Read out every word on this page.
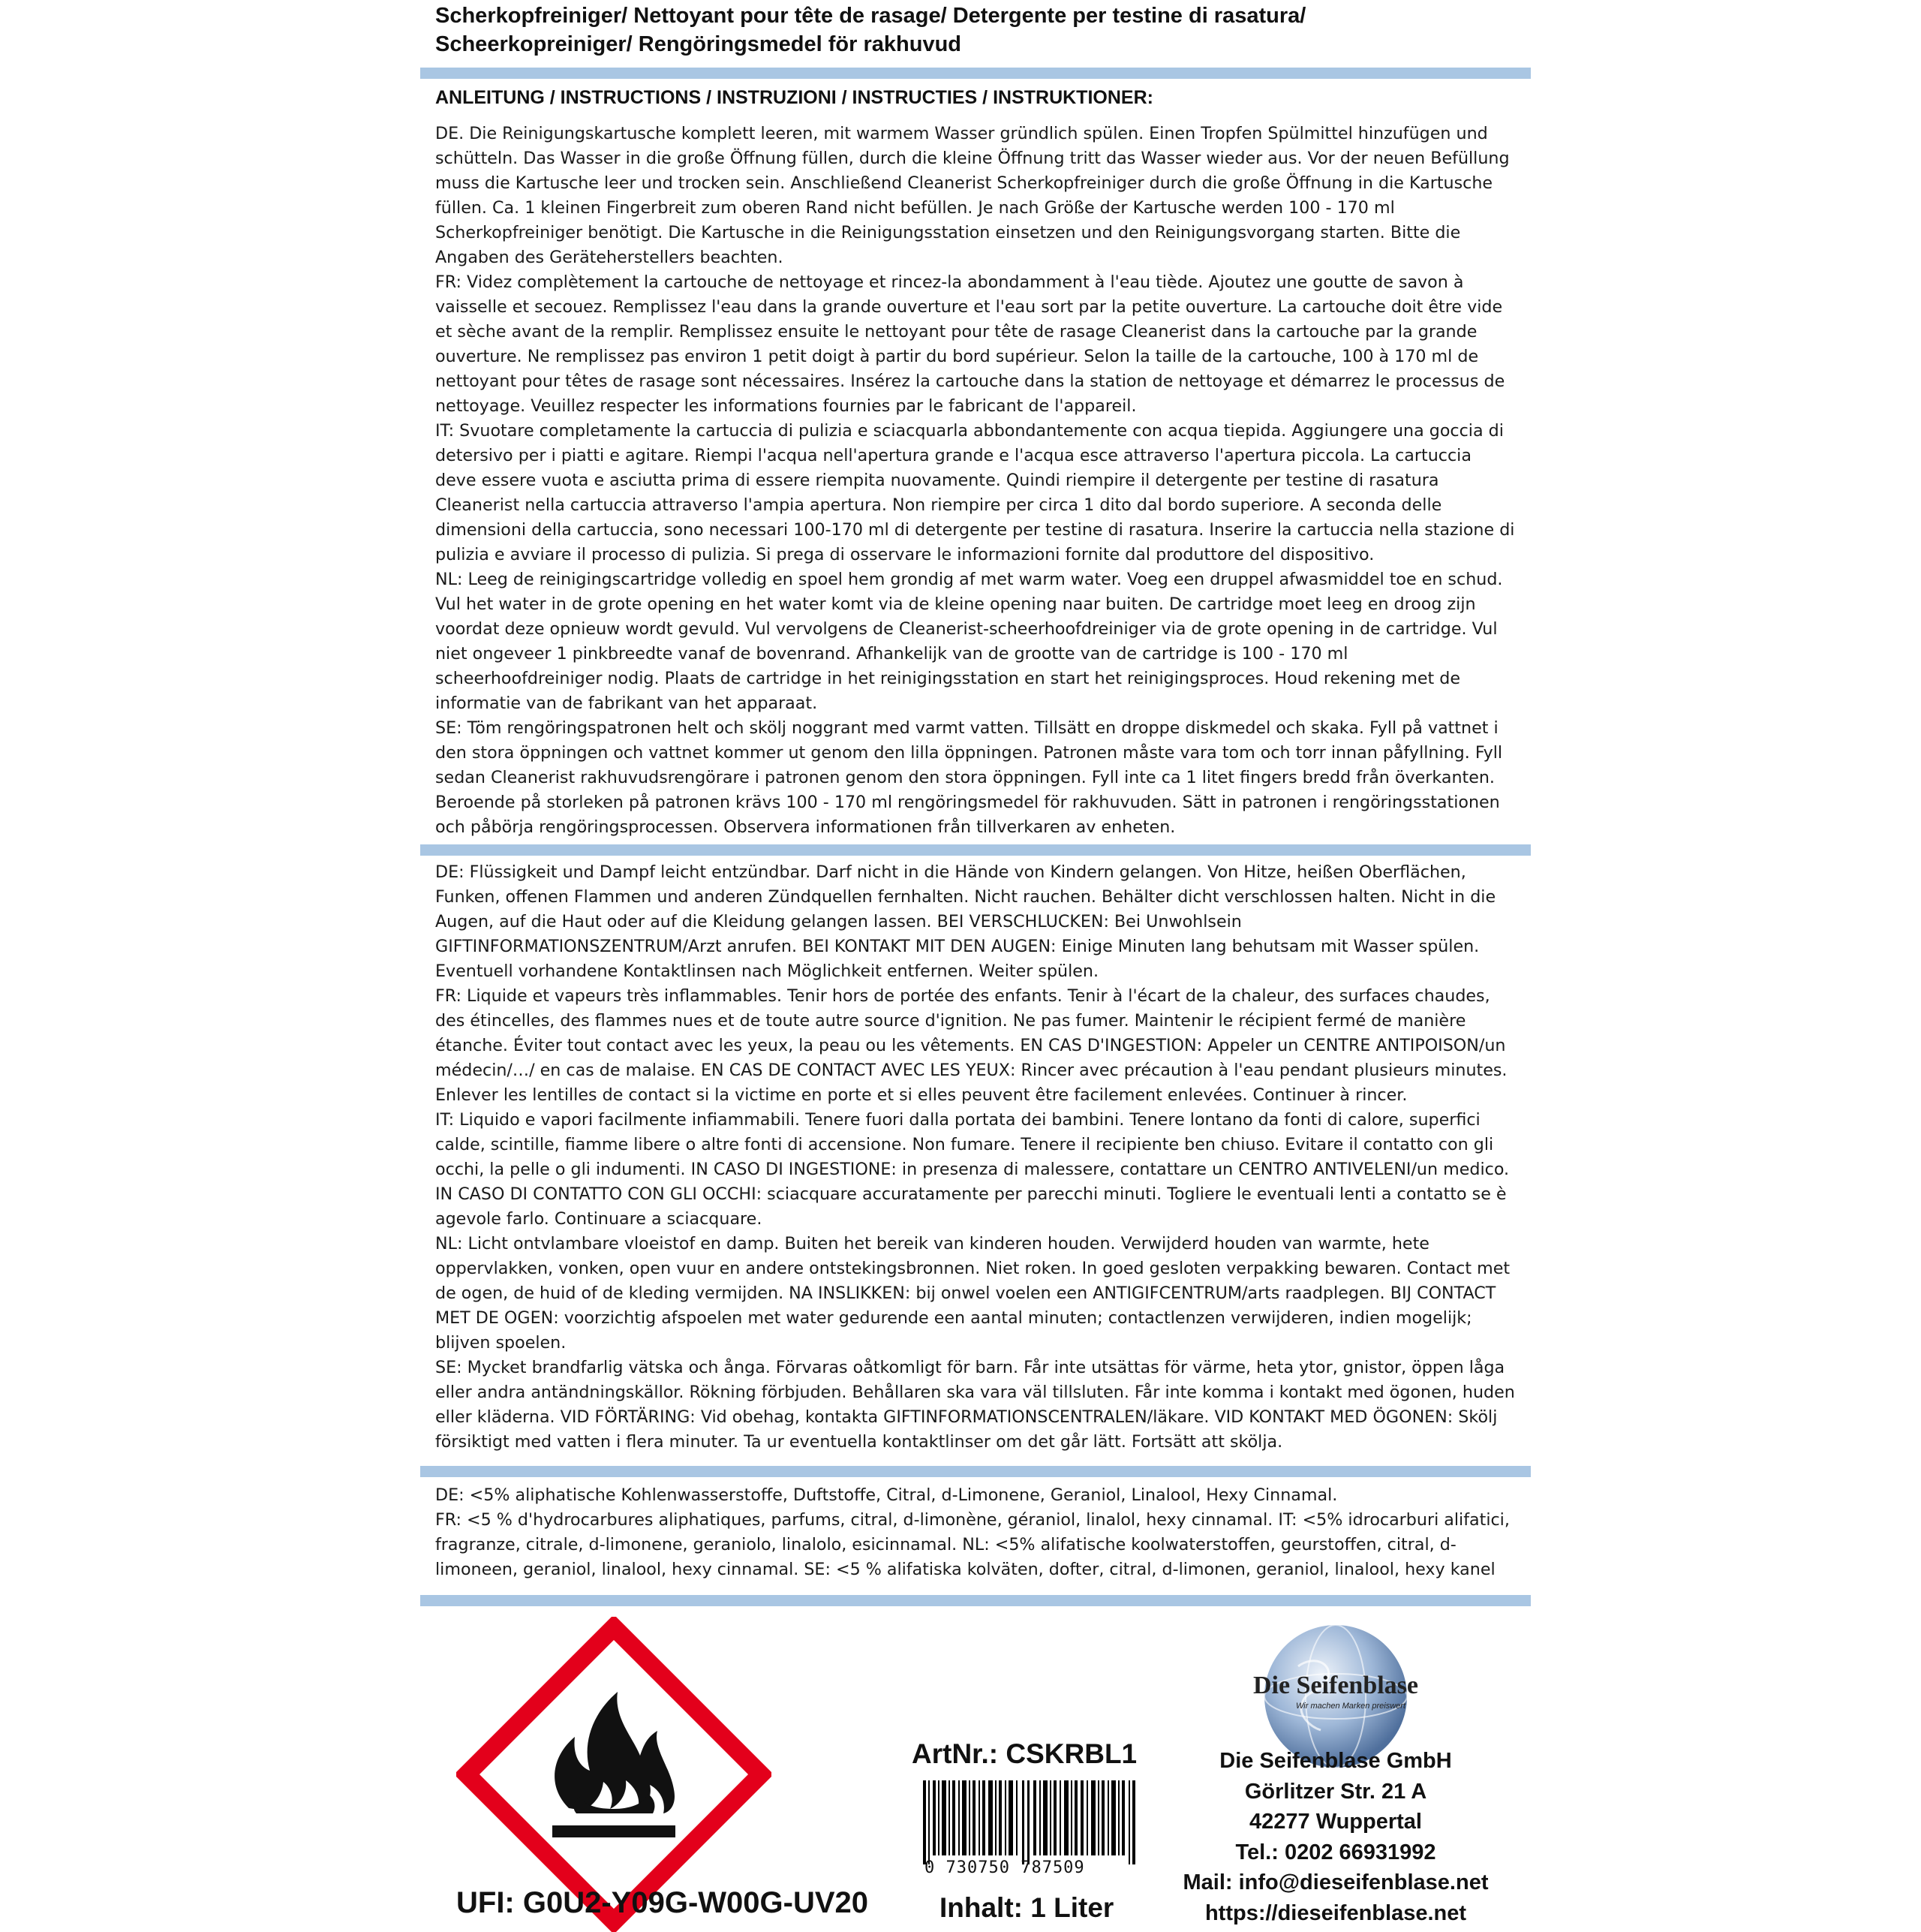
Scherkopfreiniger/ Nettoyant pour tête de rasage/ Detergente per testine di rasatura/
Scheerkopreiniger/ Rengöringsmedel för rakhuvud
ANLEITUNG / INSTRUCTIONS / INSTRUZIONI / INSTRUCTIES / INSTRUKTIONER:

DE. Die Reinigungskartusche komplett leeren, mit warmem Wasser gründlich spülen. Einen Tropfen Spülmittel hinzufügen und schütteln. Das Wasser in die große Öffnung füllen, durch die kleine Öffnung tritt das Wasser wieder aus. Vor der neuen Befüllung muss die Kartusche leer und trocken sein. Anschließend Cleanerist Scherkopfreiniger durch die große Öffnung in die Kartusche füllen. Ca. 1 kleinen Fingerbreit zum oberen Rand nicht befüllen. Je nach Größe der Kartusche werden 100 - 170 ml Scherkopfreiniger benötigt. Die Kartusche in die Reinigungsstation einsetzen und den Reinigungsvorgang starten. Bitte die Angaben des Geräteherstellers beachten.

FR: Videz complètement la cartouche de nettoyage et rincez-la abondamment à l'eau tiède. Ajoutez une goutte de savon à vaisselle et secouez. Remplissez l'eau dans la grande ouverture et l'eau sort par la petite ouverture. La cartouche doit être vide et sèche avant de la remplir. Remplissez ensuite le nettoyant pour tête de rasage Cleanerist dans la cartouche par la grande ouverture. Ne remplissez pas environ 1 petit doigt à partir du bord supérieur. Selon la taille de la cartouche, 100 à 170 ml de nettoyant pour têtes de rasage sont nécessaires. Insérez la cartouche dans la station de nettoyage et démarrez le processus de nettoyage. Veuillez respecter les informations fournies par le fabricant de l'appareil.

IT: Svuotare completamente la cartuccia di pulizia e sciacquarla abbondantemente con acqua tiepida. Aggiungere una goccia di detersivo per i piatti e agitare. Riempi l'acqua nell'apertura grande e l'acqua esce attraverso l'apertura piccola. La cartuccia deve essere vuota e asciutta prima di essere riempita nuovamente. Quindi riempire il detergente per testine di rasatura Cleanerist nella cartuccia attraverso l'ampia apertura. Non riempire per circa 1 dito dal bordo superiore. A seconda delle dimensioni della cartuccia, sono necessari 100-170 ml di detergente per testine di rasatura. Inserire la cartuccia nella stazione di pulizia e avviare il processo di pulizia. Si prega di osservare le informazioni fornite dal produttore del dispositivo.

NL: Leeg de reinigingscartridge volledig en spoel hem grondig af met warm water. Voeg een druppel afwasmiddel toe en schud. Vul het water in de grote opening en het water komt via de kleine opening naar buiten. De cartridge moet leeg en droog zijn voordat deze opnieuw wordt gevuld. Vul vervolgens de Cleanerist-scheerhoofdreiniger via de grote opening in de cartridge. Vul niet ongeveer 1 pinkbreedte vanaf de bovenrand. Afhankelijk van de grootte van de cartridge is 100 - 170 ml scheerhoofdreiniger nodig. Plaats de cartridge in het reinigingsstation en start het reinigingsproces. Houd rekening met de informatie van de fabrikant van het apparaat.

SE: Töm rengöringspatronen helt och skölj noggrant med varmt vatten. Tillsätt en droppe diskmedel och skaka. Fyll på vattnet i den stora öppningen och vattnet kommer ut genom den lilla öppningen. Patronen måste vara tom och torr innan påfyllning. Fyll sedan Cleanerist rakhuvudsrengörare i patronen genom den stora öppningen. Fyll inte ca 1 litet fingers bredd från överkanten. Beroende på storleken på patronen krävs 100 - 170 ml rengöringsmedel för rakhuvuden. Sätt in patronen i rengöringsstationen och påbörja rengöringsprocessen. Observera informationen från tillverkaren av enheten.

DE: Flüssigkeit und Dampf leicht entzündbar. Darf nicht in die Hände von Kindern gelangen. Von Hitze, heißen Oberflächen, Funken, offenen Flammen und anderen Zündquellen fernhalten. Nicht rauchen. Behälter dicht verschlossen halten. Nicht in die Augen, auf die Haut oder auf die Kleidung gelangen lassen. BEI VERSCHLUCKEN: Bei Unwohlsein GIFTINFORMATIONSZENTRUM/Arzt anrufen. BEI KONTAKT MIT DEN AUGEN: Einige Minuten lang behutsam mit Wasser spülen. Eventuell vorhandene Kontaktlinsen nach Möglichkeit entfernen. Weiter spülen.

FR: Liquide et vapeurs très inflammables. Tenir hors de portée des enfants. Tenir à l'écart de la chaleur, des surfaces chaudes, des étincelles, des flammes nues et de toute autre source d'ignition. Ne pas fumer. Maintenir le récipient fermé de manière étanche. Éviter tout contact avec les yeux, la peau ou les vêtements. EN CAS D'INGESTION: Appeler un CENTRE ANTIPOISON/un médecin/…/ en cas de malaise. EN CAS DE CONTACT AVEC LES YEUX: Rincer avec précaution à l'eau pendant plusieurs minutes. Enlever les lentilles de contact si la victime en porte et si elles peuvent être facilement enlevées. Continuer à rincer.

IT: Liquido e vapori facilmente infiammabili. Tenere fuori dalla portata dei bambini. Tenere lontano da fonti di calore, superfici calde, scintille, fiamme libere o altre fonti di accensione. Non fumare. Tenere il recipiente ben chiuso. Evitare il contatto con gli occhi, la pelle o gli indumenti. IN CASO DI INGESTIONE: in presenza di malessere, contattare un CENTRO ANTIVELENI/un medico. IN CASO DI CONTATTO CON GLI OCCHI: sciacquare accuratamente per parecchi minuti. Togliere le eventuali lenti a contatto se è agevole farlo. Continuare a sciacquare.

NL: Licht ontvlambare vloeistof en damp. Buiten het bereik van kinderen houden. Verwijderd houden van warmte, hete oppervlakken, vonken, open vuur en andere ontstekingsbronnen. Niet roken. In goed gesloten verpakking bewaren. Contact met de ogen, de huid of de kleding vermijden. NA INSLIKKEN: bij onwel voelen een ANTIGIFCENTRUM/arts raadplegen. BIJ CONTACT MET DE OGEN: voorzichtig afspoelen met water gedurende een aantal minuten; contactlenzen verwijderen, indien mogelijk; blijven spoelen.

SE: Mycket brandfarlig vätska och ånga. Förvaras oåtkomligt för barn. Får inte utsättas för värme, heta ytor, gnistor, öppen låga eller andra antändningskällor. Rökning förbjuden. Behållaren ska vara väl tillsluten. Får inte komma i kontakt med ögonen, huden eller kläderna. VID FÖRTÄRING: Vid obehag, kontakta GIFTINFORMATIONSCENTRALEN/läkare. VID KONTAKT MED ÖGONEN: Skölj försiktigt med vatten i flera minuter. Ta ur eventuella kontaktlinser om det går lätt. Fortsätt att skölja.

DE: <5% aliphatische Kohlenwasserstoffe, Duftstoffe, Citral, d-Limonene, Geraniol, Linalool, Hexy Cinnamal.

FR: <5 % d'hydrocarbures aliphatiques, parfums, citral, d-limonène, géraniol, linalol, hexy cinnamal. IT: <5% idrocarburi alifatici, fragranze, citrale, d-limonene, geraniolo, linalolo, esicinnamal. NL: <5% alifatische koolwaterstoffen, geurstoffen, citral, d-limoneen, geraniol, linalool, hexy cinnamal. SE: <5 % alifatiska kolväten, dofter, citral, d-limonen, geraniol, linalool, hexy kanel

UFI: G0U2-Y09G-W00G-UV20
ArtNr.: CSKRBL1
0 730750 787509
Inhalt: 1 Liter
Die Seifenblase
Wir machen Marken preiswert
Die Seifenblase GmbH
Görlitzer Str. 21 A
42277 Wuppertal
Tel.: 0202 66931992
Mail: info@dieseifenblase.net
https://dieseifenblase.net
